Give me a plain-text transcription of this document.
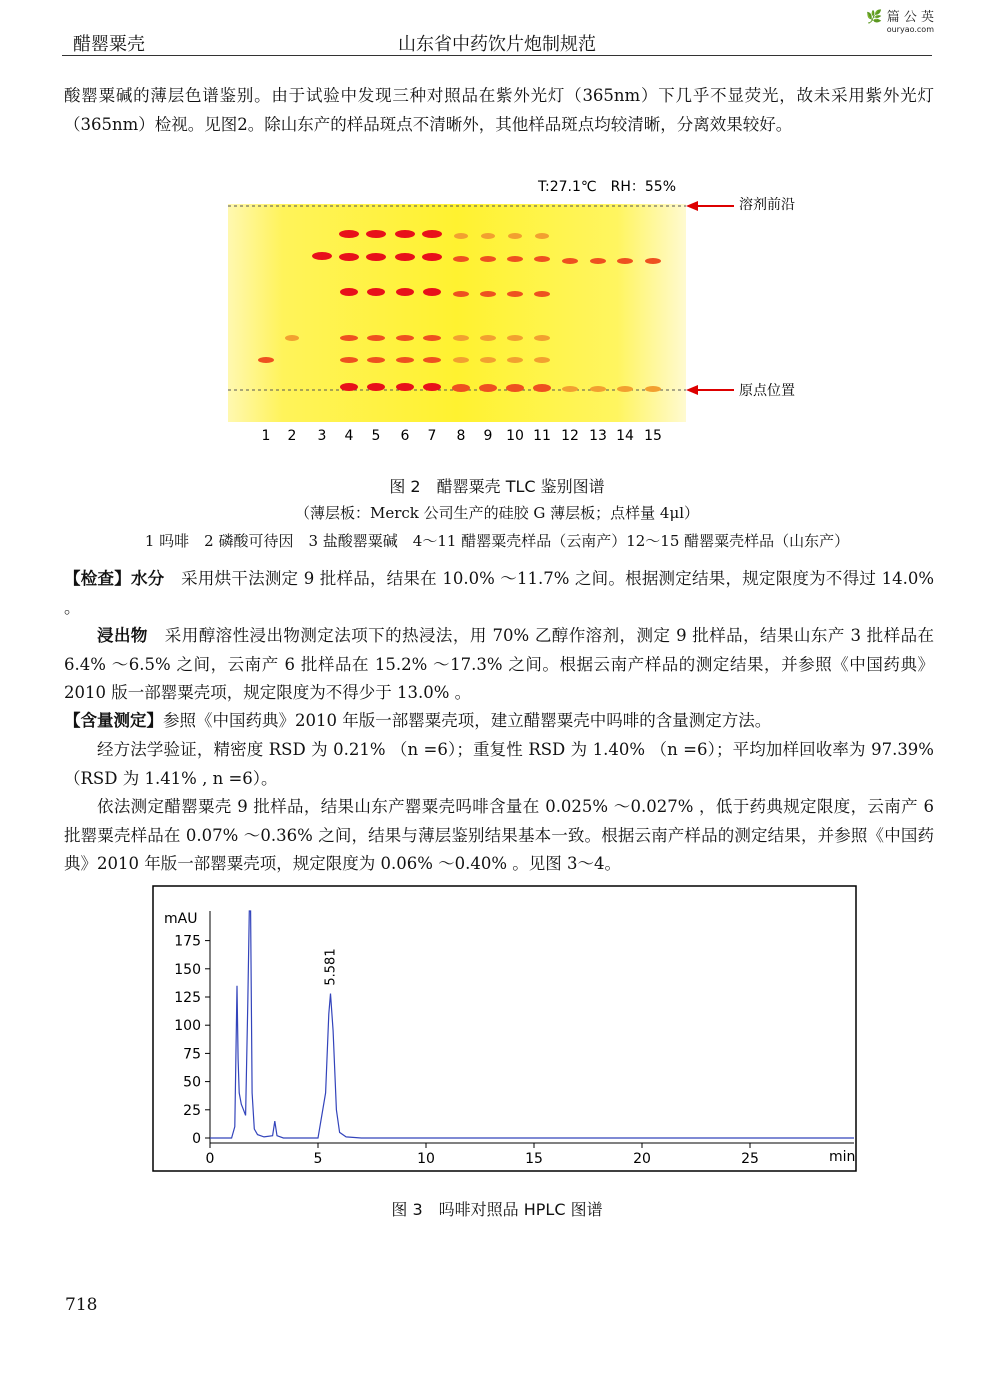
醋罂粟壳	山东省中药饮片炮制规范
🌿 篇 公 英
ouryao.com

酸罂粟碱的薄层色谱鉴别。由于试验中发现三种对照品在紫外光灯（365nm）下几乎不显荧光，故未采用紫外光灯（365nm）检视。见图2。除山东产的样品斑点不清晰外，其他样品斑点均较清晰，分离效果较好。

T:27.1℃　RH：55%
溶剂前沿
原点位置
1 2 3 4 5 6 7 8 9 10 11 12 13 14 15
图 2　醋罂粟壳 TLC 鉴别图谱
（薄层板：Merck 公司生产的硅胶 G 薄层板；点样量 4μl）
1 吗啡　2 磷酸可待因　3 盐酸罂粟碱　4～11 醋罂粟壳样品（云南产）12～15 醋罂粟壳样品（山东产）

【检查】水分　 采用烘干法测定 9 批样品，结果在 10.0% ～11.7% 之间。根据测定结果，规定限度为不得过 14.0% 。

浸出物　 采用醇溶性浸出物测定法项下的热浸法，用 70% 乙醇作溶剂，测定 9 批样品，结果山东产 3 批样品在 6.4% ～6.5% 之间，云南产 6 批样品在 15.2% ～17.3% 之间。根据云南产样品的测定结果，并参照《中国药典》2010 版一部罂粟壳项，规定限度为不得少于 13.0% 。

【含量测定】参照《中国药典》2010 年版一部罂粟壳项，建立醋罂粟壳中吗啡的含量测定方法。

经方法学验证，精密度 RSD 为 0.21% （n =6）；重复性 RSD 为 1.40% （n =6）；平均加样回收率为 97.39% （RSD 为 1.41% , n =6）。

依法测定醋罂粟壳 9 批样品，结果山东产罂粟壳吗啡含量在 0.025% ～0.027% ，低于药典规定限度，云南产 6 批罂粟壳样品在 0.07% ～0.36% 之间，结果与薄层鉴别结果基本一致。根据云南产样品的测定结果，并参照《中国药典》2010 年版一部罂粟壳项，规定限度为 0.06% ～0.40% 。见图 3～4。

mAU
min
0
25
50
75
100
125
150
175
0	5	10	15	20	25
5.581
图 3　吗啡对照品 HPLC 图谱
718
